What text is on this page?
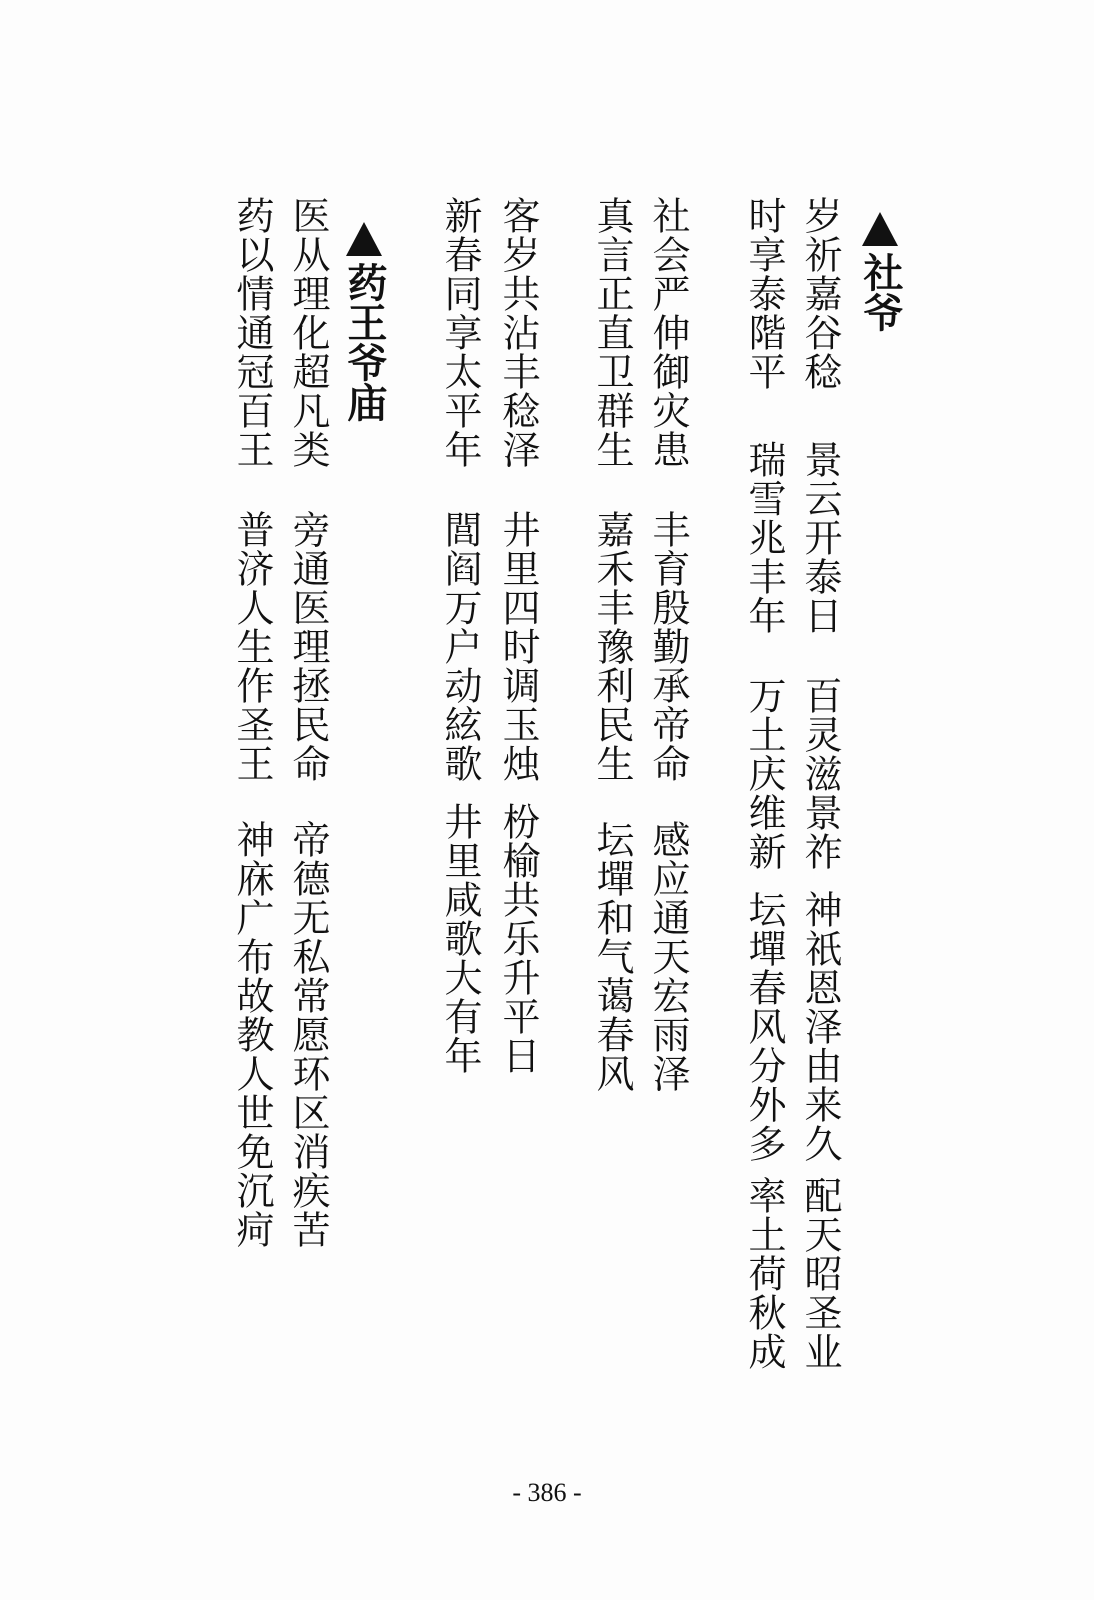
社爷
岁祈嘉谷稔
景云开泰日
百灵滋景祚
神祇恩泽由来久
配天昭圣业
时享泰階平
瑞雪兆丰年
万土庆维新
坛墠春风分外多
率土荷秋成
社会严伸御灾患
丰育殷勤承帝命
感应通天宏雨泽
真言正直卫群生
嘉禾丰豫利民生
坛墠和气蔼春风
客岁共沾丰稔泽
井里四时调玉烛
枌榆共乐升平日
新春同享太平年
閭阎万户动絃歌
井里咸歌大有年
药王爷庙
医从理化超凡类
旁通医理拯民命
帝德无私常愿环区消疾苦
药以情通冠百王
普济人生作圣王
神庥广布故教人世免沉疴
- 386 -
